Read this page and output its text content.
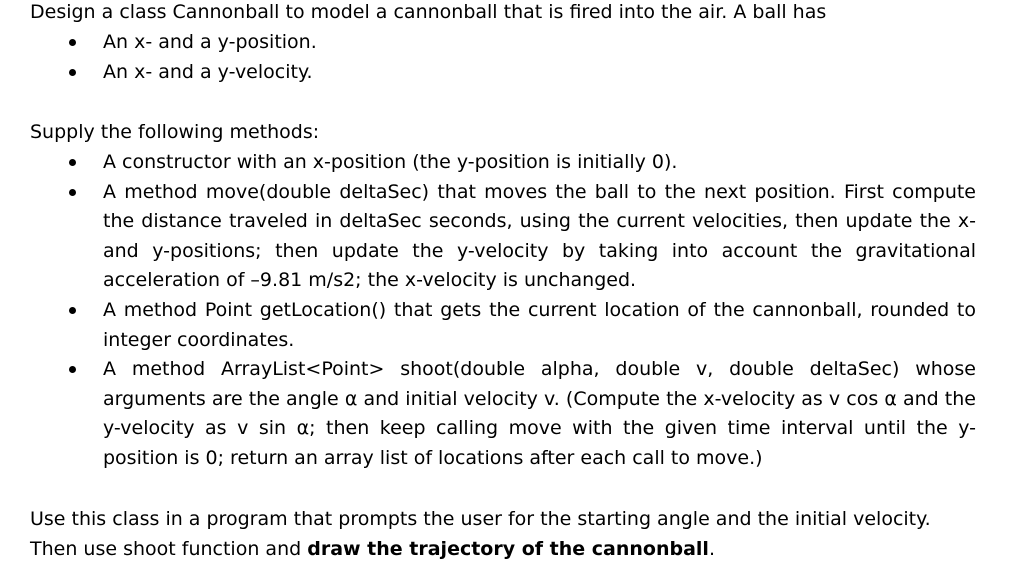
Design a class Cannonball to model a cannonball that is fired into the air. A ball has

An x- and a y-position.
An x- and a y-velocity.

Supply the following methods:

A constructor with an x-position (the y-position is initially 0).
A method move(double deltaSec) that moves the ball to the next position. First compute the distance traveled in deltaSec seconds, using the current velocities, then update the x- and y-positions; then update the y-velocity by taking into account the gravitational acceleration of –9.81 m/s2; the x-velocity is unchanged.
A method Point getLocation() that gets the current location of the cannonball, rounded to integer coordinates.
A method ArrayList<Point> shoot(double alpha, double v, double deltaSec) whose arguments are the angle α and initial velocity v. (Compute the x-velocity as v cos α and the y-velocity as v sin α; then keep calling move with the given time interval until the y-position is 0; return an array list of locations after each call to move.)

Use this class in a program that prompts the user for the starting angle and the initial velocity.
Then use shoot function and draw the trajectory of the cannonball.
